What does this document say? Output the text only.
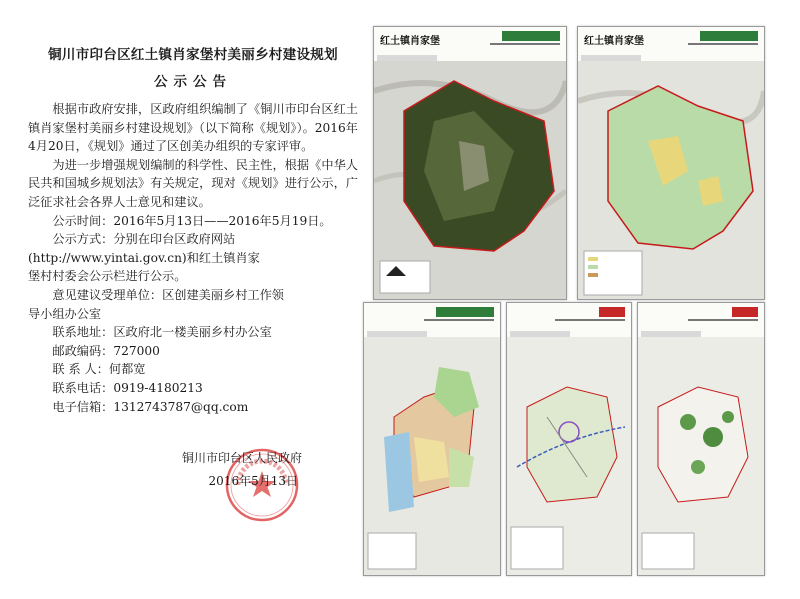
铜川市印台区红土镇肖家堡村美丽乡村建设规划
公示公告

根据市政府安排，区政府组织编制了《铜川市印台区红土镇肖家堡村美丽乡村建设规划》（以下简称《规划》）。2016年4月20日，《规划》通过了区创美办组织的专家评审。

为进一步增强规划编制的科学性、民主性，根据《中华人民共和国城乡规划法》有关规定，现对《规划》进行公示，广泛征求社会各界人士意见和建议。

公示时间：2016年5月13日——2016年5月19日。

公示方式：分别在印台区政府网站

(http://www.yintai.gov.cn)和红土镇肖家

堡村村委会公示栏进行公示。

意见建议受理单位：区创建美丽乡村工作领

导小组办公室

联系地址：区政府北一楼美丽乡村办公室

邮政编码：727000

联 系 人：何都宽

联系电话：0919-4180213

电子信箱：1312743787@qq.com

铜川市印台区人民政府

2016年5月13日

红土镇肖家堡	红土镇肖家堡
